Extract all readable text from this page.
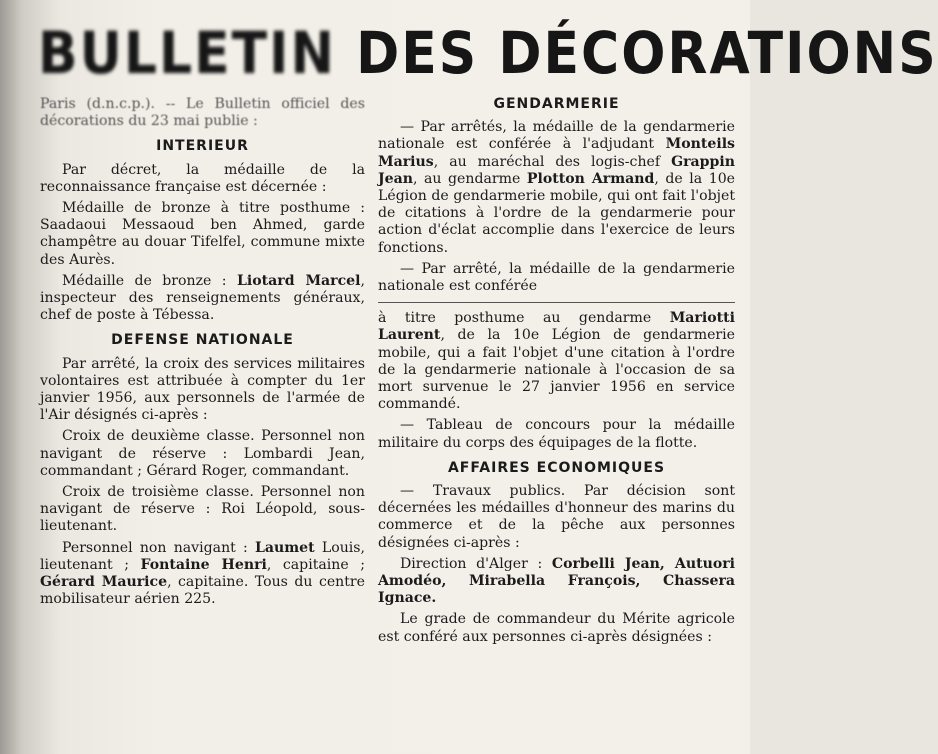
BULLETIN DES DÉCORATIONS

Paris (d.n.c.p.). -- Le Bulletin officiel des décorations du 23 mai publie :

INTERIEUR

Par décret, la médaille de la reconnaissance française est décernée :

Médaille de bronze à titre posthume : Saadaoui Messaoud ben Ahmed, garde champêtre au douar Tifelfel, commune mixte des Aurès.

Médaille de bronze : Liotard Marcel, inspecteur des renseignements généraux, chef de poste à Tébessa.

DEFENSE NATIONALE

Par arrêté, la croix des services militaires volontaires est attribuée à compter du 1er janvier 1956, aux personnels de l'armée de l'Air désignés ci-après :

Croix de deuxième classe. Personnel non navigant de réserve : Lombardi Jean, commandant ; Gérard Roger, commandant.

Croix de troisième classe. Personnel non navigant de réserve : Roi Léopold, sous-lieutenant.

Personnel non navigant : Laumet Louis, lieutenant ; Fontaine Henri, capitaine ; Gérard Maurice, capitaine. Tous du centre mobilisateur aérien 225.

GENDARMERIE

— Par arrêtés, la médaille de la gendarmerie nationale est conférée à l'adjudant Monteils Marius, au maréchal des logis-chef Grappin Jean, au gendarme Plotton Armand, de la 10e Légion de gendarmerie mobile, qui ont fait l'objet de citations à l'ordre de la gendarmerie pour action d'éclat accomplie dans l'exercice de leurs fonctions.

— Par arrêté, la médaille de la gendarmerie nationale est conférée

à titre posthume au gendarme Mariotti Laurent, de la 10e Légion de gendarmerie mobile, qui a fait l'objet d'une citation à l'ordre de la gendarmerie nationale à l'occasion de sa mort survenue le 27 janvier 1956 en service commandé.

— Tableau de concours pour la médaille militaire du corps des équipages de la flotte.

AFFAIRES ECONOMIQUES

— Travaux publics. Par décision sont décernées les médailles d'honneur des marins du commerce et de la pêche aux personnes désignées ci-après :

Direction d'Alger : Corbelli Jean, Autuori Amodéo, Mirabella François, Chassera Ignace.

Le grade de commandeur du Mérite agricole est conféré aux personnes ci-après désignées :
